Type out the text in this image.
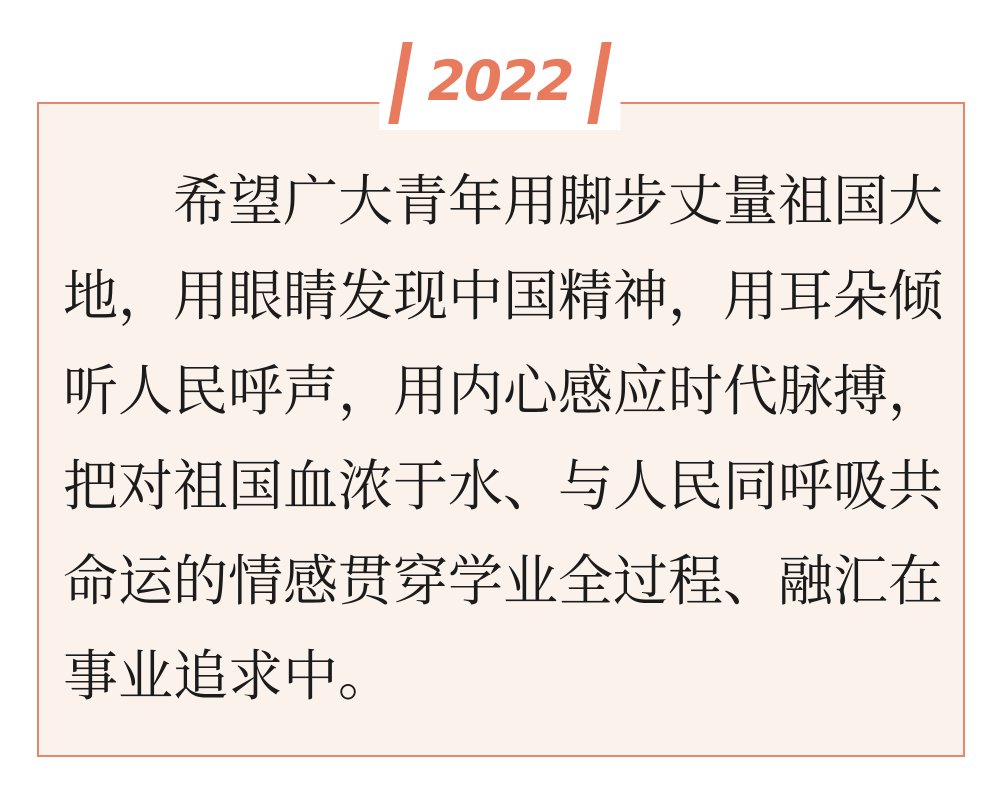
2022
希望广大青年用脚步丈量祖国大
地，用眼睛发现中国精神，用耳朵倾
听人民呼声，用内心感应时代脉搏，
把对祖国血浓于水、与人民同呼吸共
命运的情感贯穿学业全过程、融汇在
事业追求中。
